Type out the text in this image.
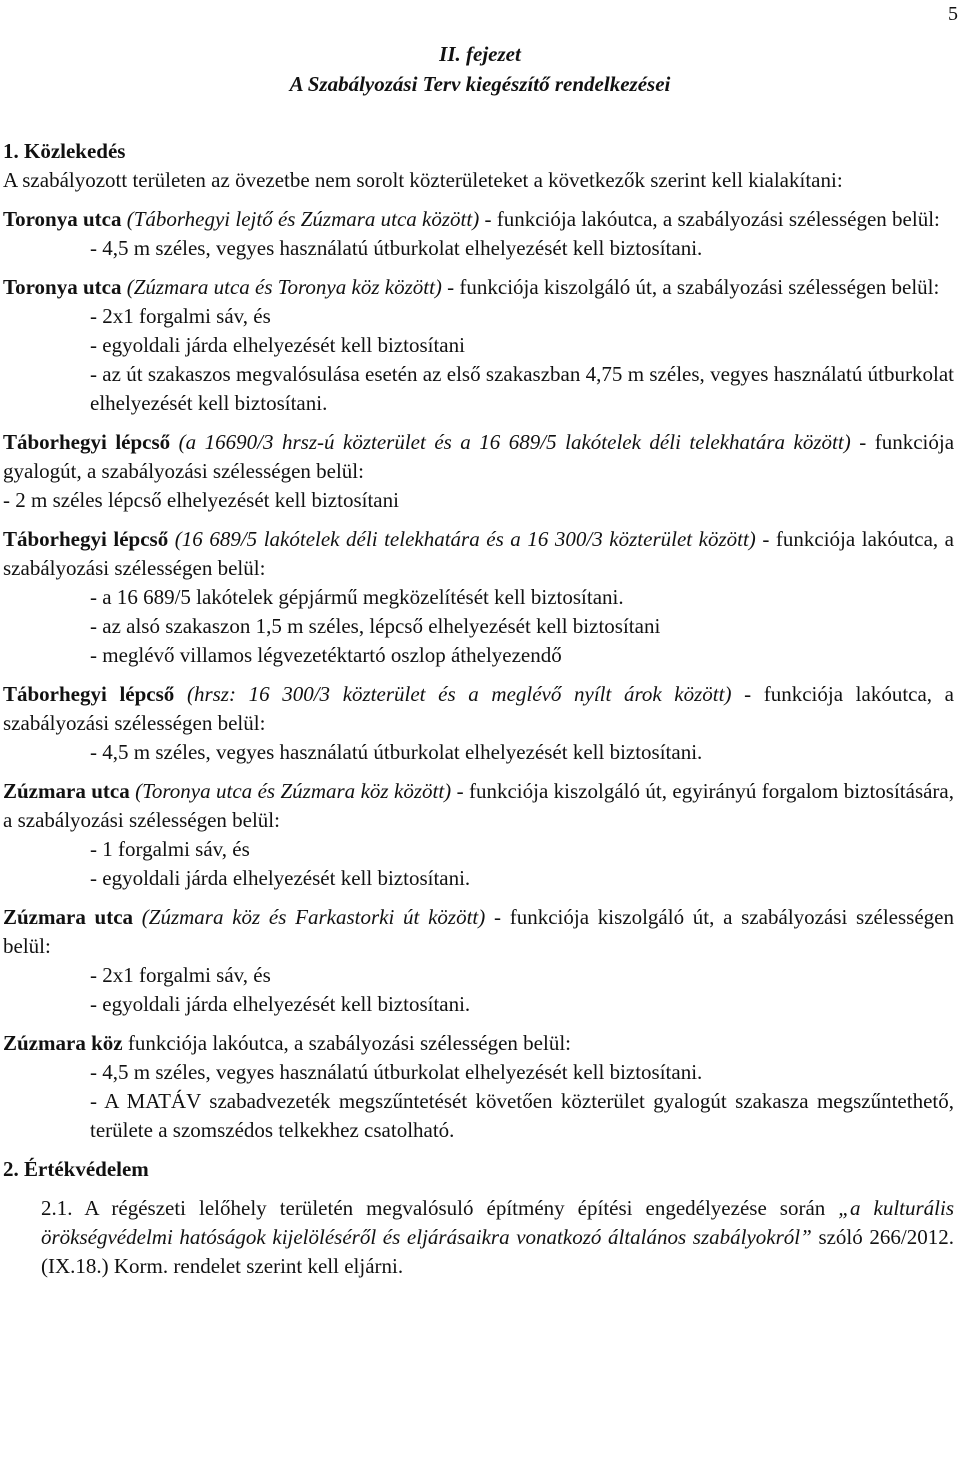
5
II. fejezet
A Szabályozási Terv kiegészítő rendelkezései

1. Közlekedés

A szabályozott területen az övezetbe nem sorolt közterületeket a következők szerint kell kialakítani:

Toronya utca (Táborhegyi lejtő és Zúzmara utca között) - funkciója lakóutca, a szabályozási szélességen belül:

- 4,5 m széles, vegyes használatú útburkolat elhelyezését kell biztosítani.

Toronya utca (Zúzmara utca és Toronya köz között) - funkciója kiszolgáló út, a szabályozási szélességen belül:

- 2x1 forgalmi sáv, és

- egyoldali járda elhelyezését kell biztosítani

- az út szakaszos megvalósulása esetén az első szakaszban 4,75 m széles, vegyes használatú útburkolat elhelyezését kell biztosítani.

Táborhegyi lépcső (a 16690/3 hrsz-ú közterület és a 16 689/5 lakótelek déli telekhatára között) - funkciója gyalogút, a szabályozási szélességen belül:

- 2 m széles lépcső elhelyezését kell biztosítani

Táborhegyi lépcső (16 689/5 lakótelek déli telekhatára és a 16 300/3 közterület között) - funkciója lakóutca, a szabályozási szélességen belül:

- a 16 689/5 lakótelek gépjármű megközelítését kell biztosítani.

- az alsó szakaszon 1,5 m széles, lépcső elhelyezését kell biztosítani

- meglévő villamos légvezetéktartó oszlop áthelyezendő

Táborhegyi lépcső (hrsz: 16 300/3 közterület és a meglévő nyílt árok között) - funkciója lakóutca, a szabályozási szélességen belül:

- 4,5 m széles, vegyes használatú útburkolat elhelyezését kell biztosítani.

Zúzmara utca (Toronya utca és Zúzmara köz között) - funkciója kiszolgáló út, egyirányú forgalom biztosítására, a szabályozási szélességen belül:

- 1 forgalmi sáv, és

- egyoldali járda elhelyezését kell biztosítani.

Zúzmara utca (Zúzmara köz és Farkastorki út között) - funkciója kiszolgáló út, a szabályozási szélességen belül:

- 2x1 forgalmi sáv, és

- egyoldali járda elhelyezését kell biztosítani.

Zúzmara köz funkciója lakóutca, a szabályozási szélességen belül:

- 4,5 m széles, vegyes használatú útburkolat elhelyezését kell biztosítani.

- A MATÁV szabadvezeték megszűntetését követően közterület gyalogút szakasza megszűntethető, területe a szomszédos telkekhez csatolható.

2. Értékvédelem

2.1. A régészeti lelőhely területén megvalósuló építmény építési engedélyezése során „a kulturális örökségvédelmi hatóságok kijelöléséről és eljárásaikra vonatkozó általános szabályokról” szóló 266/2012. (IX.18.) Korm. rendelet szerint kell eljárni.
